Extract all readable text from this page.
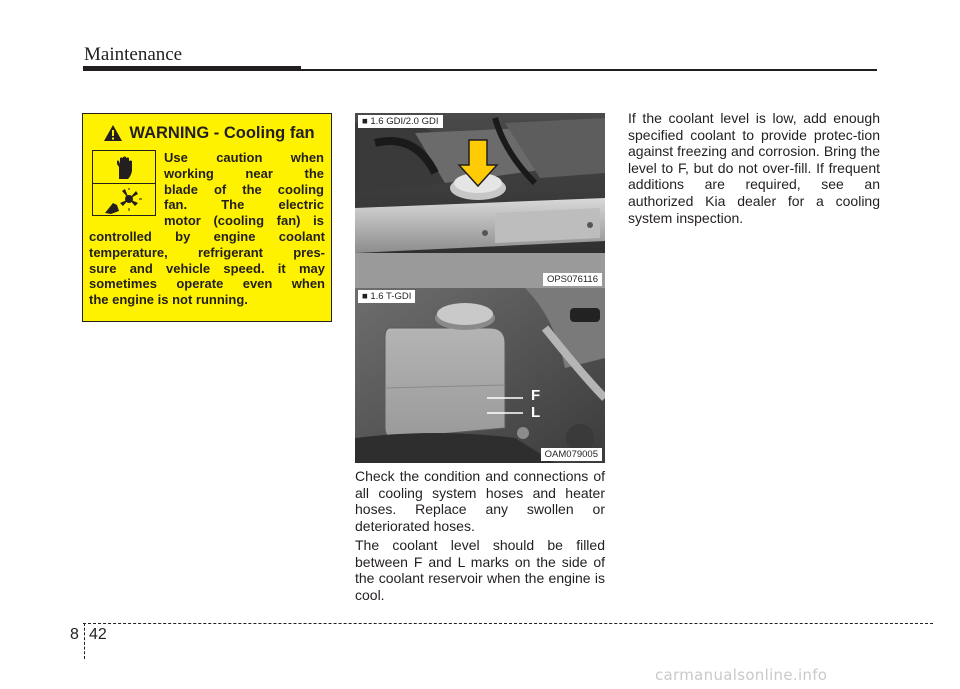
Maintenance
WARNING - Cooling fan
Use caution when
working near the
blade of the cooling
fan. The electric
motor (cooling fan) is
controlled by engine coolant
temperature, refrigerant pres-
sure and vehicle speed. it may
sometimes operate even when
the engine is not running.
■ 1.6 GDI/2.0 GDI
OPS076116
F
L
■ 1.6 T-GDI
OAM079005

Check the condition and connections of all cooling system hoses and heater hoses. Replace any swollen or deteriorated hoses.

The coolant level should be filled between F and L marks on the side of the coolant reservoir when the engine is cool.

If the coolant level is low, add enough specified coolant to provide protec-tion against freezing and corrosion. Bring the level to F, but do not over-fill. If frequent additions are required, see an authorized Kia dealer for a cooling system inspection.

8 42
carmanualsonline.info
